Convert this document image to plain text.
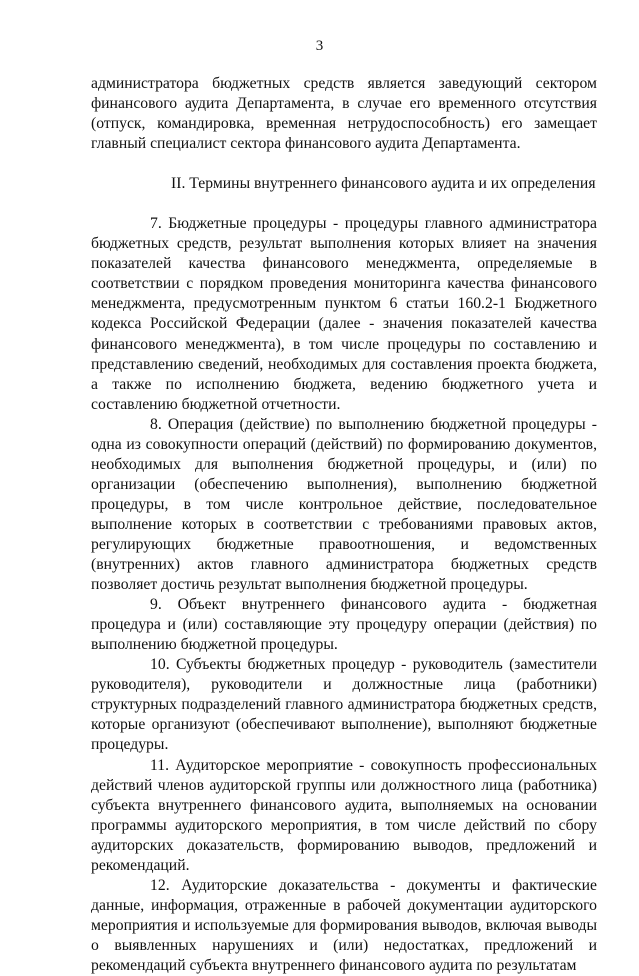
3

администратора бюджетных средств является заведующий сектором финансового аудита Департамента, в случае его временного отсутствия (отпуск, командировка, временная нетрудоспособность) его замещает главный специалист сектора финансового аудита Департамента.

II. Термины внутреннего финансового аудита и их определения

7. Бюджетные процедуры - процедуры главного администратора бюджетных средств, результат выполнения которых влияет на значения показателей качества финансового менеджмента, определяемые в соответствии с порядком проведения мониторинга качества финансового менеджмента, предусмотренным пунктом 6 статьи 160.2-1 Бюджетного кодекса Российской Федерации (далее - значения показателей качества финансового менеджмента), в том числе процедуры по составлению и представлению сведений, необходимых для составления проекта бюджета, а также по исполнению бюджета, ведению бюджетного учета и составлению бюджетной отчетности.

8. Операция (действие) по выполнению бюджетной процедуры - одна из совокупности операций (действий) по формированию документов, необходимых для выполнения бюджетной процедуры, и (или) по организации (обеспечению выполнения), выполнению бюджетной процедуры, в том числе контрольное действие, последовательное выполнение которых в соответствии с требованиями правовых актов, регулирующих бюджетные правоотношения, и ведомственных (внутренних) актов главного администратора бюджетных средств позволяет достичь результат выполнения бюджетной процедуры.

9. Объект внутреннего финансового аудита - бюджетная процедура и (или) составляющие эту процедуру операции (действия) по выполнению бюджетной процедуры.

10. Субъекты бюджетных процедур - руководитель (заместители руководителя), руководители и должностные лица (работники) структурных подразделений главного администратора бюджетных средств, которые организуют (обеспечивают выполнение), выполняют бюджетные процедуры.

11. Аудиторское мероприятие - совокупность профессиональных действий членов аудиторской группы или должностного лица (работника) субъекта внутреннего финансового аудита, выполняемых на основании программы аудиторского мероприятия, в том числе действий по сбору аудиторских доказательств, формированию выводов, предложений и рекомендаций.

12. Аудиторские доказательства - документы и фактические данные, информация, отраженные в рабочей документации аудиторского мероприятия и используемые для формирования выводов, включая выводы о выявленных нарушениях и (или) недостатках, предложений и рекомендаций субъекта внутреннего финансового аудита по результатам
